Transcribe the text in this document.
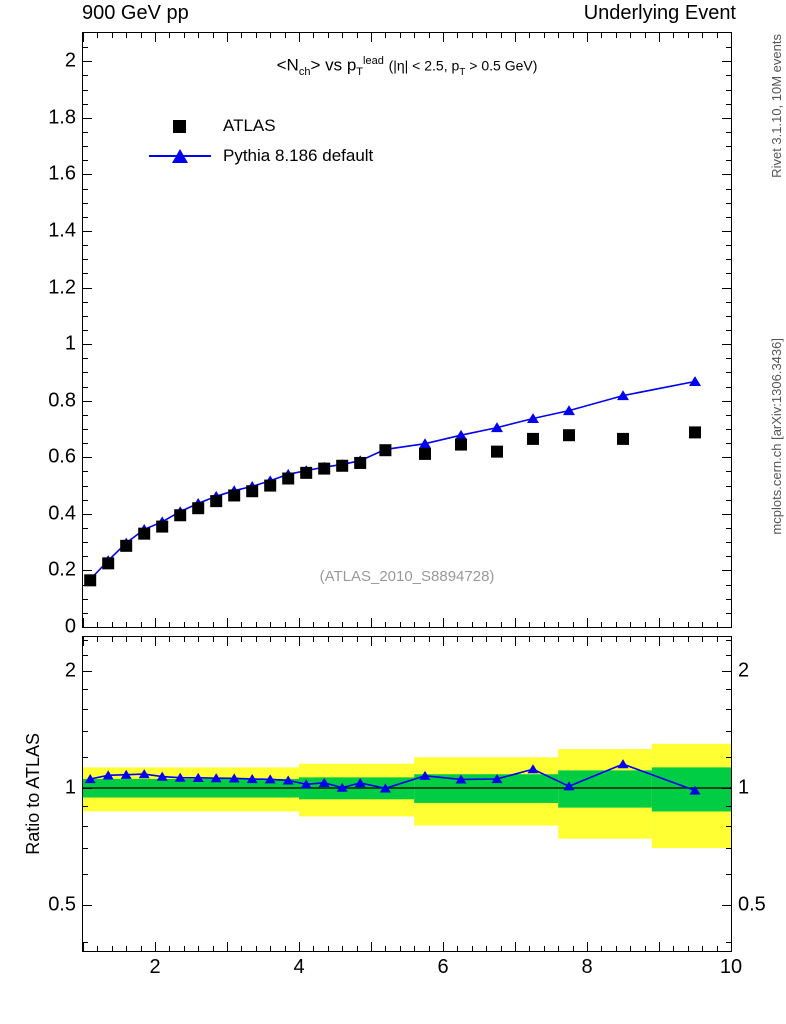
900 GeV pp	Underlying Event
Rivet 3.1.10, 10M events
mcplots.cern.ch [arXiv:1306.3436]
0
0.2
0.4
0.6
0.8
1
1.2
1.4
1.6
1.8
2	$<N_{ch}>$ vs $p_T^{lead}$ (|η| < 2.5, $p_T > 0.5$ GeV)
ATLAS
Pythia 8.186 default
(ATLAS_2010_S8894728)
Ratio to ATLAS
0.5	0.5
1	1
2	2
2	4	6	8	10
